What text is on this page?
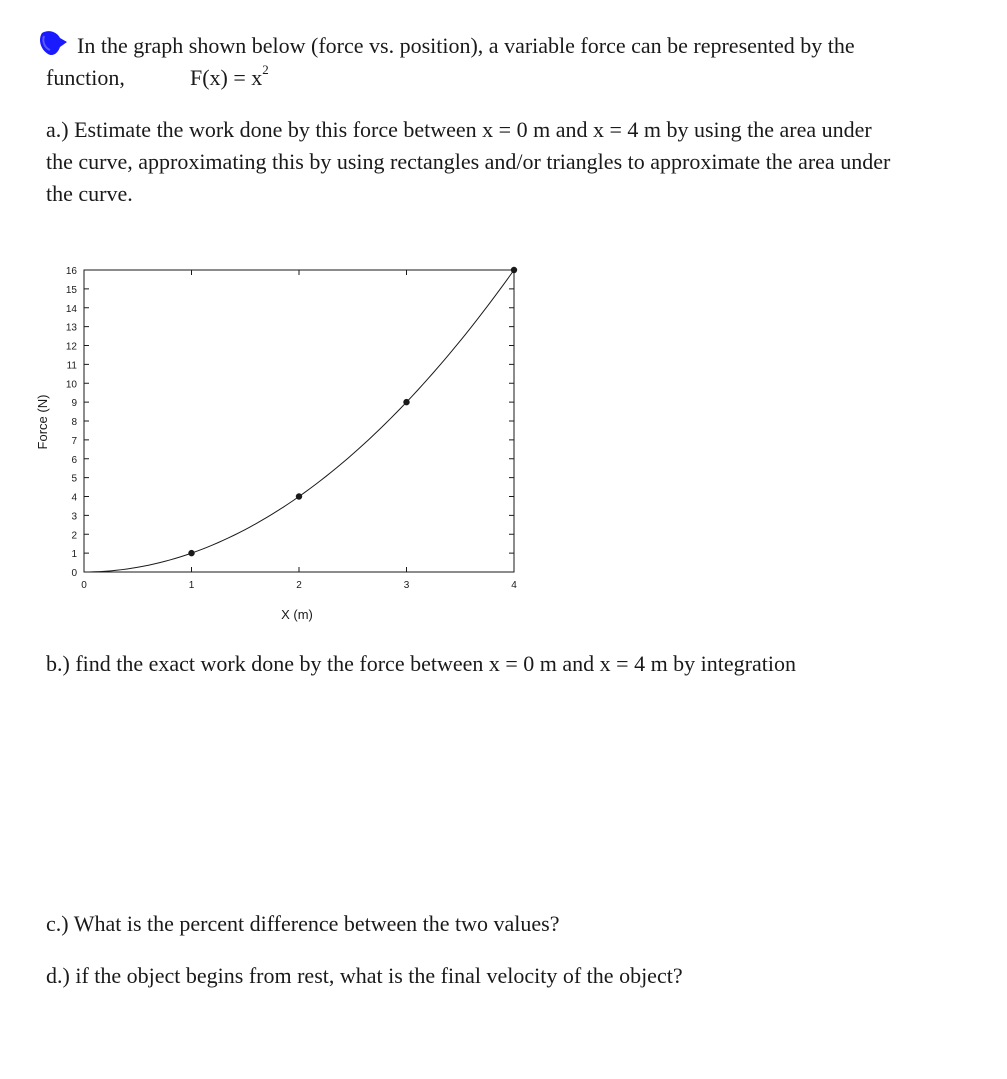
In the graph shown below (force vs. position), a variable force can be represented by the
function,	$F(x) = x^2$
a.) Estimate the work done by this force between x = 0 m and x = 4 m by using the area under
the curve, approximating this by using rectangles and/or triangles to approximate the area under
the curve.
Force (N)
X (m)
0
1
2
3
4
5
6
7
8
9
10
11
12
13
14
15
16
0	1	2	3	4
b.) find the exact work done by the force between x = 0 m and x = 4 m by integration
c.) What is the percent difference between the two values?
d.) if the object begins from rest, what is the final velocity of the object?
